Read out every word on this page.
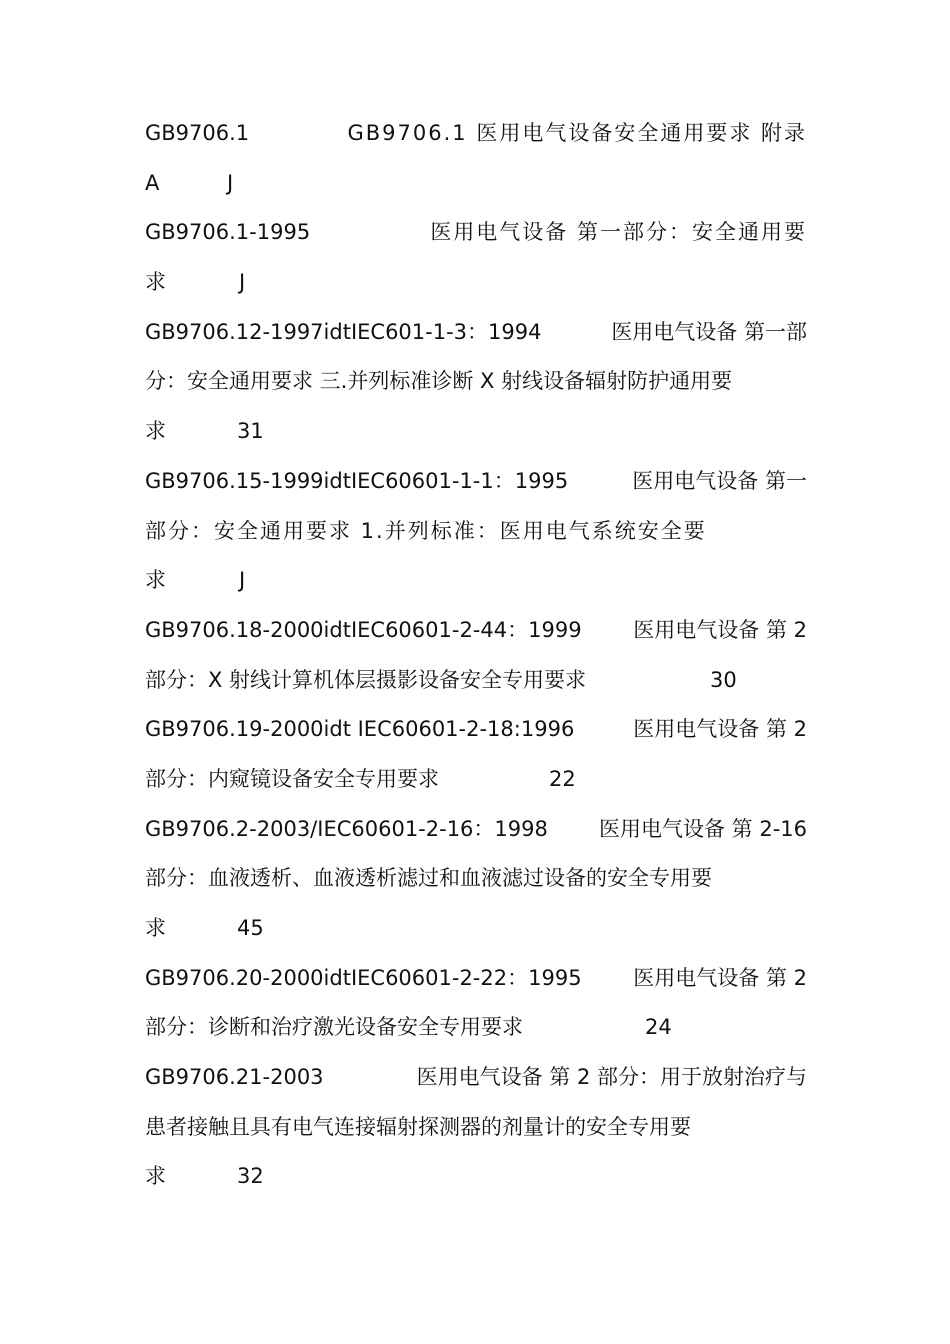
GB9706.1	GB9706.1 医用电气设备安全通用要求 附录
A	J
GB9706.1-1995	医用电气设备 第一部分：安全通用要
求	J
GB9706.12-1997idtIEC601-1-3：1994	医用电气设备 第一部
分：安全通用要求 三.并列标准诊断 X 射线设备辐射防护通用要
求	31
GB9706.15-1999idtIEC60601-1-1：1995	医用电气设备 第一
部分：安全通用要求 1.并列标准：医用电气系统安全要
求	J
GB9706.18-2000idtIEC60601-2-44：1999 医用电气设备 第 2
部分：X 射线计算机体层摄影设备安全专用要求	30
GB9706.19-2000idt IEC60601-2-18:1996	医用电气设备 第 2
部分：内窥镜设备安全专用要求	22
GB9706.2-2003/IEC60601-2-16：1998 医用电气设备 第 2-16
部分：血液透析、血液透析滤过和血液滤过设备的安全专用要
求	45
GB9706.20-2000idtIEC60601-2-22：1995 医用电气设备 第 2
部分：诊断和治疗激光设备安全专用要求	24
GB9706.21-2003	医用电气设备 第 2 部分：用于放射治疗与
患者接触且具有电气连接辐射探测器的剂量计的安全专用要
求	32
